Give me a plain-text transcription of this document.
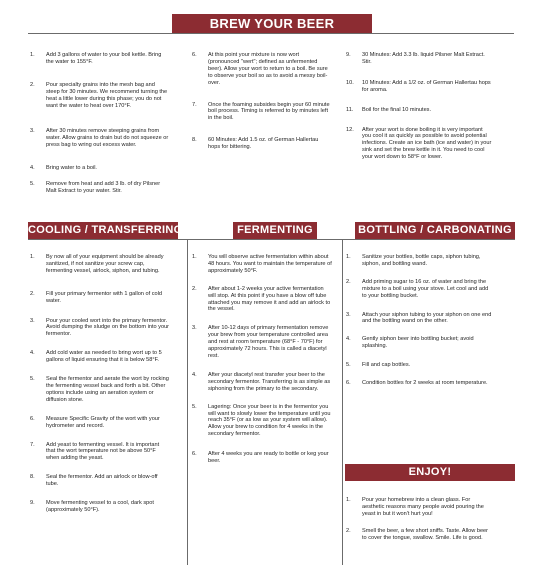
BREW YOUR BEER
1.	Add 3 gallons of water to your boil kettle. Bring the water to 155°F.
2.	Pour specialty grains into the mesh bag and steep for 30 minutes. We recommend turning the heat a little lower during this phase; you do not want the water to heat over 170°F.
3.	After 30 minutes remove steeping grains from water. Allow grains to drain but do not squeeze or press bag to wring out excess water.
4.	Bring water to a boil.
5.	Remove from heat and add 3 lb. of dry Pilsner Malt Extract to your water. Stir.
6.	At this point your mixture is now wort (pronounced "wert"; defined as unfermented beer). Allow your wort to return to a boil. Be sure to observe your boil so as to avoid a messy boil-over.
7.	Once the foaming subsides begin your 60 minute boil process. Timing is referred to by minutes left in the boil.
8.	60 Minutes: Add 1.5 oz. of German Hallertau hops for bittering.
9.	30 Minutes: Add 3.3 lb. liquid Pilsner Malt Extract. Stir.
10.	10 Minutes: Add a 1/2 oz. of German Hallertau hops for aroma.
11.	Boil for the final 10 minutes.
12.	After your wort is done boiling it is very important you cool it as quickly as possible to avoid potential infections. Create an ice bath (ice and water) in your sink and set the brew kettle in it. You need to cool your wort down to 58°F or lower.
COOLING / TRANSFERRING	FERMENTING	BOTTLING / CARBONATING
1.	By now all of your equipment should be already sanitized, if not sanitize your screw cap, fermenting vessel, airlock, siphon, and tubing.
2.	Fill your primary fermentor with 1 gallon of cold water.
3.	Pour your cooled wort into the primary fermentor. Avoid dumping the sludge on the bottom into your fermentor.
4.	Add cold water as needed to bring wort up to 5 gallons of liquid ensuring that it is below 58°F.
5.	Seal the fermentor and aerate the wort by rocking the fermenting vessel back and forth a bit. Other options include using an aeration system or diffusion stone.
6.	Measure Specific Gravity of the wort with your hydrometer and record.
7.	Add yeast to fermenting vessel. It is important that the wort temperature not be above 50°F when adding the yeast.
8.	Seal the fermentor. Add an airlock or blow-off tube.
9.	Move fermenting vessel to a cool, dark spot (approximately 50°F).
1.	You will observe active fermentation within about 48 hours. You want to maintain the temperature of approximately 50°F.
2.	After about 1-2 weeks your active fermentation will stop. At this point if you have a blow off tube attached you may remove it and add an airlock to the vessel.
3.	After 10-12 days of primary fermentation remove your brew from your temperature controlled area and rest at room temperature (68°F - 70°F) for approximately 72 hours. This is called a diacetyl rest.
4.	After your diacetyl rest transfer your beer to the secondary fermentor. Transferring is as simple as siphoning from the primary to the secondary.
5.	Lagering: Once your beer is in the fermentor you will want to slowly lower the temperature until you reach 35°F (or as low as your system will allow). Allow your brew to condition for 4 weeks in the secondary fermentor.
6.	After 4 weeks you are ready to bottle or keg your beer.
1.	Sanitize your bottles, bottle caps, siphon tubing, siphon, and bottling wand.
2.	Add priming sugar to 16 oz. of water and bring the mixture to a boil using your stove. Let cool and add to your bottling bucket.
3.	Attach your siphon tubing to your siphon on one end and the bottling wand on the other.
4.	Gently siphon beer into bottling bucket; avoid splashing.
5.	Fill and cap bottles.
6.	Condition bottles for 2 weeks at room temperature.
ENJOY!
1.	Pour your homebrew into a clean glass. For aesthetic reasons many people avoid pouring the yeast in but it won't hurt you!
2.	Smell the beer, a few short sniffs. Taste. Allow beer to cover the tongue, swallow. Smile. Life is good.
